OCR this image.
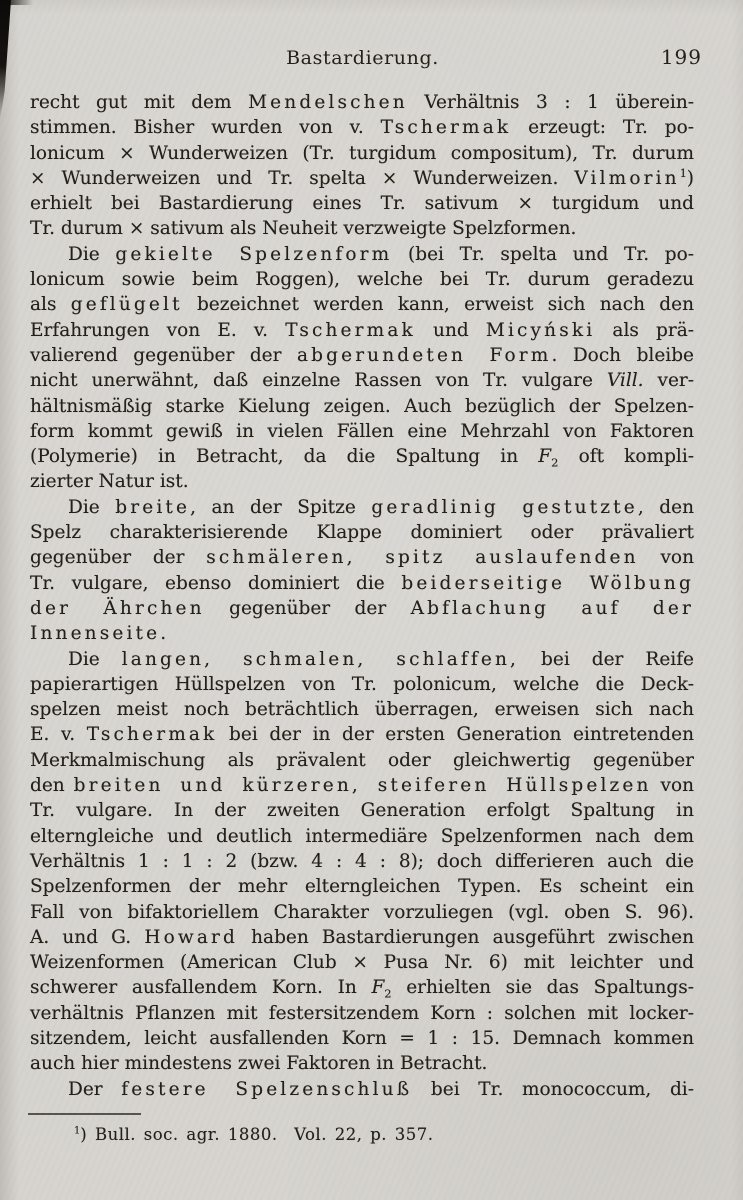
Bastardierung.	199
recht gut mit dem Mendelschen Verhältnis 3 : 1 überein-
stimmen. Bisher wurden von v. Tschermak erzeugt: Tr. po-
lonicum × Wunderweizen (Tr. turgidum compositum), Tr. durum
× Wunderweizen und Tr. spelta × Wunderweizen. Vilmorin$^1$)
erhielt bei Bastardierung eines Tr. sativum × turgidum und
Tr. durum × sativum als Neuheit verzweigte Spelzformen.
Die gekielte Spelzenform (bei Tr. spelta und Tr. po-
lonicum sowie beim Roggen), welche bei Tr. durum geradezu
als geflügelt bezeichnet werden kann, erweist sich nach den
Erfahrungen von E. v. Tschermak und Micyński als prä-
valierend gegenüber der abgerundeten Form. Doch bleibe
nicht unerwähnt, daß einzelne Rassen von Tr. vulgare Vill. ver-
hältnismäßig starke Kielung zeigen. Auch bezüglich der Spelzen-
form kommt gewiß in vielen Fällen eine Mehrzahl von Faktoren
(Polymerie) in Betracht, da die Spaltung in $F_2$ oft kompli-
zierter Natur ist.
Die breite, an der Spitze geradlinig gestutzte, den
Spelz charakterisierende Klappe dominiert oder prävaliert
gegenüber der schmäleren, spitz auslaufenden von
Tr. vulgare, ebenso dominiert die beiderseitige Wölbung
der Ährchen gegenüber der Abflachung auf der
Innenseite.
Die langen, schmalen, schlaffen, bei der Reife
papierartigen Hüllspelzen von Tr. polonicum, welche die Deck-
spelzen meist noch beträchtlich überragen, erweisen sich nach
E. v. Tschermak bei der in der ersten Generation eintretenden
Merkmalmischung als prävalent oder gleichwertig gegenüber
den breiten und kürzeren, steiferen Hüllspelzen von
Tr. vulgare. In der zweiten Generation erfolgt Spaltung in
elterngleiche und deutlich intermediäre Spelzenformen nach dem
Verhältnis 1 : 1 : 2 (bzw. 4 : 4 : 8); doch differieren auch die
Spelzenformen der mehr elterngleichen Typen. Es scheint ein
Fall von bifaktoriellem Charakter vorzuliegen (vgl. oben S. 96).
A. und G. Howard haben Bastardierungen ausgeführt zwischen
Weizenformen (American Club × Pusa Nr. 6) mit leichter und
schwerer ausfallendem Korn. In $F_2$ erhielten sie das Spaltungs-
verhältnis Pflanzen mit festersitzendem Korn : solchen mit locker-
sitzendem, leicht ausfallenden Korn = 1 : 15. Demnach kommen
auch hier mindestens zwei Faktoren in Betracht.
Der festere Spelzenschluß bei Tr. monococcum, di-
$^1$) Bull. soc. agr. 1880.  Vol. 22, p. 357.
